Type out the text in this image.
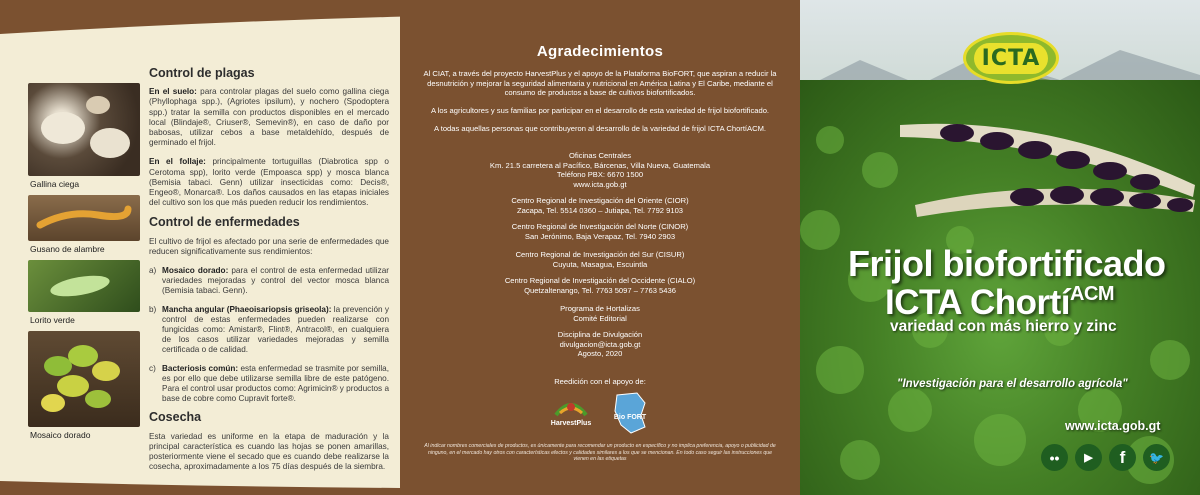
Gallina ciega
Gusano de alambre
Lorito verde
Mosaico dorado
Control de plagas

En el suelo: para controlar plagas del suelo como gallina ciega (Phyllophaga spp.), (Agriotes ipsilum), y nochero (Spodoptera spp.) tratar la semilla con productos disponibles en el mercado local (Blindaje®, Criuser®, Semevin®), en caso de daño por babosas, utilizar cebos a base metaldehído, después de germinado el frijol.

En el follaje: principalmente tortuguillas (Diabrotica spp o Cerotoma spp), lorito verde (Empoasca spp) y mosca blanca (Bemisia tabaci. Genn) utilizar insecticidas como: Decis®, Engeo®, Monarca®. Los daños causados en las etapas iniciales del cultivo son los que más pueden reducir los rendimientos.

Control de enfermedades

El cultivo de frijol es afectado por una serie de enfermedades que reducen significativamente sus rendimientos:

a) Mosaico dorado: para el control de esta enfermedad utilizar variedades mejoradas y control del vector mosca blanca (Bemisia tabaci. Genn).
b) Mancha angular (Phaeoisariopsis griseola): la prevención y control de estas enfermedades pueden realizarse con fungicidas como: Amistar®, Flint®, Antracol®, en cualquiera de los casos utilizar variedades mejoradas y semilla certificada o de calidad.
c) Bacteriosis común: esta enfermedad se trasmite por semilla, es por ello que debe utilizarse semilla libre de este patógeno. Para el control usar productos como: Agrimicin® y productos a base de cobre como Cupravit forte®.
Cosecha

Esta variedad es uniforme en la etapa de maduración y la principal característica es cuando las hojas se ponen amarillas, posteriormente viene el secado que es cuando debe realizarse la cosecha, aproximadamente a los 75 días después de la siembra.

Agradecimientos
Al CIAT, a través del proyecto HarvestPlus y el apoyo de la Plataforma BioFORT, que aspiran a reducir la desnutrición y mejorar la seguridad alimentaria y nutricional en América Latina y El Caribe, mediante el consumo de productos a base de cultivos biofortificados.
A los agricultores y sus familias por participar en el desarrollo de esta variedad de frijol biofortificado.
A todas aquellas personas que contribuyeron al desarrollo de la variedad de frijol ICTA ChortíACM.
Oficinas Centrales
Km. 21.5 carretera al Pacífico, Bárcenas, Villa Nueva, Guatemala
Teléfono PBX: 6670 1500
www.icta.gob.gt
Centro Regional de Investigación del Oriente (CIOR)
Zacapa, Tel. 5514 0360 – Jutiapa, Tel. 7792 9103
Centro Regional de Investigación del Norte (CINOR)
San Jerónimo, Baja Verapaz, Tel. 7940 2903
Centro Regional de Investigación del Sur (CISUR)
Cuyuta, Masagua, Escuintla
Centro Regional de Investigación del Occidente (CIALO)
Quetzaltenango, Tel. 7763 5097 – 7763 5436
Programa de Hortalizas
Comité Editorial
Disciplina de Divulgación
divulgacion@icta.gob.gt
Agosto, 2020
Reedición con el apoyo de:
HarvestPlus
Bio FORT
Al indicar nombres comerciales de productos, es únicamente para recomendar un producto en específico y no implica preferencia, apoyo o publicidad de ninguno, en el mercado hay otros con características efectos y calidades similares a los que se mencionan. En todo caso seguir las instrucciones que vienen en las etiquetas
ICTA
Frijol biofortificado
ICTA Chortí$^{ACM}$
variedad con más hierro y zinc
"Investigación para el desarrollo agrícola"
www.icta.gob.gt
•• ▶ f 🐦
